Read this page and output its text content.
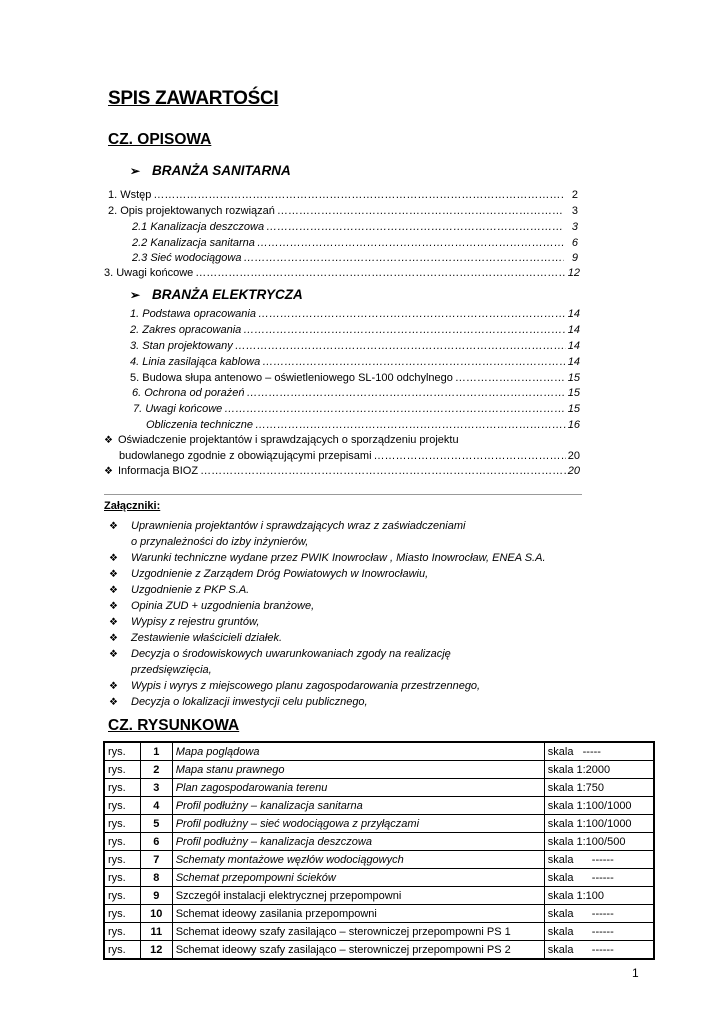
SPIS ZAWARTOŚCI
CZ. OPISOWA
➢ BRANŻA SANITARNA
1. Wstęp ……………………………………………………………………………………………………………………………………………………………………………………………………………………	2
2. Opis projektowanych rozwiązań ……………………………………………………………………………………………………………………………………………………………………………………………………………………	3
2.1 Kanalizacja deszczowa ……………………………………………………………………………………………………………………………………………………………………………………………………………………	3
2.2 Kanalizacja sanitarna ……………………………………………………………………………………………………………………………………………………………………………………………………………………	6
2.3 Sieć wodociągowa ……………………………………………………………………………………………………………………………………………………………………………………………………………………	9
3. Uwagi końcowe ……………………………………………………………………………………………………………………………………………………………………………………………………………………	12
➢ BRANŻA ELEKTRYCZA
1. Podstawa opracowania ……………………………………………………………………………………………………………………………………………………………………………………………………………………	14
2. Zakres opracowania ……………………………………………………………………………………………………………………………………………………………………………………………………………………	14
3. Stan projektowany ……………………………………………………………………………………………………………………………………………………………………………………………………………………	14
4. Linia zasilająca kablowa ……………………………………………………………………………………………………………………………………………………………………………………………………………………	14
5. Budowa słupa antenowo – oświetleniowego SL-100 odchylnego ……………………………………………………………………………………………………………………………………………………………………………………………………………………	15
6. Ochrona od porażeń ……………………………………………………………………………………………………………………………………………………………………………………………………………………	15
7. Uwagi końcowe ……………………………………………………………………………………………………………………………………………………………………………………………………………………	15
Obliczenia techniczne ……………………………………………………………………………………………………………………………………………………………………………………………………………………	16
❖ Oświadczenie projektantów i sprawdzających o sporządzeniu projektu
budowlanego zgodnie z obowiązującymi przepisami ……………………………………………………………………………………………………………………………………………………………………………………………………………………	20
❖ Informacja BIOZ ……………………………………………………………………………………………………………………………………………………………………………………………………………………	20
Załączniki:
❖ Uprawnienia projektantów i sprawdzających wraz z zaświadczeniami
o przynależności do izby inżynierów,
❖ Warunki techniczne wydane przez PWIK Inowrocław , Miasto Inowrocław, ENEA S.A.
❖ Uzgodnienie z Zarządem Dróg Powiatowych w Inowrocławiu,
❖ Uzgodnienie z PKP S.A.
❖ Opinia ZUD + uzgodnienia branżowe,
❖ Wypisy z rejestru gruntów,
❖ Zestawienie właścicieli działek.
❖ Decyzja o środowiskowych uwarunkowaniach zgody na realizację
przedsięwzięcia,
❖ Wypis i wyrys z miejscowego planu zagospodarowania przestrzennego,
❖ Decyzja o lokalizacji inwestycji celu publicznego,
CZ. RYSUNKOWA
rys.	1	Mapa poglądowa	skala   -----
rys.	2	Mapa stanu prawnego	skala 1:2000
rys.	3	Plan zagospodarowania terenu	skala 1:750
rys.	4	Profil podłużny – kanalizacja sanitarna	skala 1:100/1000
rys.	5	Profil podłużny – sieć wodociągowa z przyłączami	skala 1:100/1000
rys.	6	Profil podłużny – kanalizacja deszczowa	skala 1:100/500
rys.	7	Schematy montażowe węzłów wodociągowych	skala      ------
rys.	8	Schemat przepompowni ścieków	skala      ------
rys.	9	Szczegół instalacji elektrycznej przepompowni	skala 1:100
rys.	10	Schemat ideowy zasilania przepompowni	skala      ------
rys.	11	Schemat ideowy szafy zasilająco – sterowniczej przepompowni PS 1	skala      ------
rys.	12	Schemat ideowy szafy zasilająco – sterowniczej przepompowni PS 2	skala      ------
1
